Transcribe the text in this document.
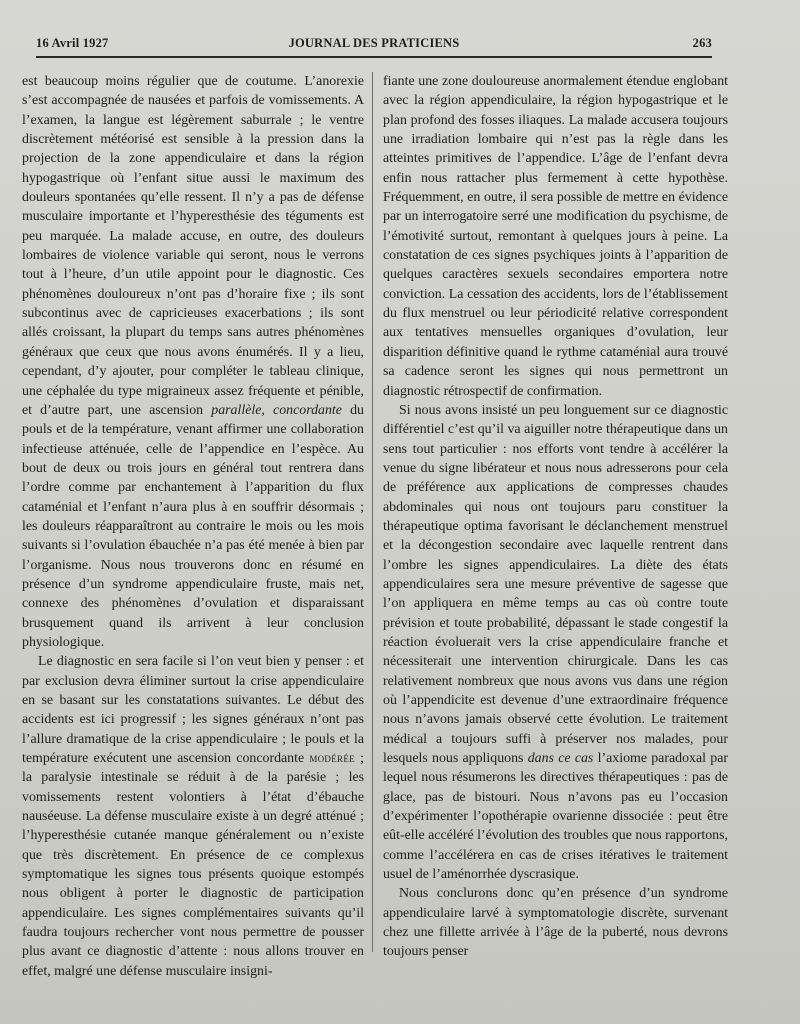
16 Avril 1927	JOURNAL DES PRATICIENS	263

est beaucoup moins régulier que de coutume. L’anorexie s’est accompagnée de nausées et parfois de vomissements. A l’examen, la langue est légèrement saburrale ; le ventre discrètement météorisé est sensible à la pression dans la projection de la zone appendiculaire et dans la région hypogastrique où l’enfant situe aussi le maximum des douleurs spontanées qu’elle ressent. Il n’y a pas de défense musculaire importante et l’hyperesthésie des téguments est peu marquée. La malade accuse, en outre, des douleurs lombaires de violence variable qui seront, nous le verrons tout à l’heure, d’un utile appoint pour le diagnostic. Ces phénomènes douloureux n’ont pas d’horaire fixe ; ils sont subcontinus avec de capricieuses exacerbations ; ils sont allés croissant, la plupart du temps sans autres phénomènes généraux que ceux que nous avons énumérés. Il y a lieu, cependant, d’y ajouter, pour compléter le tableau clinique, une céphalée du type migraineux assez fréquente et pénible, et d’autre part, une ascension parallèle, concordante du pouls et de la température, venant affirmer une collaboration infectieuse atténuée, celle de l’appendice en l’espèce. Au bout de deux ou trois jours en général tout rentrera dans l’ordre comme par enchantement à l’apparition du flux cataménial et l’enfant n’aura plus à en souffrir désormais ; les douleurs réapparaîtront au contraire le mois ou les mois suivants si l’ovulation ébauchée n’a pas été menée à bien par l’organisme. Nous nous trouverons donc en résumé en présence d’un syndrome appendiculaire fruste, mais net, connexe des phénomènes d’ovulation et disparaissant brusquement quand ils arrivent à leur conclusion physiologique.

Le diagnostic en sera facile si l’on veut bien y penser : et par exclusion devra éliminer surtout la crise appendiculaire en se basant sur les constatations suivantes. Le début des accidents est ici progressif ; les signes généraux n’ont pas l’allure dramatique de la crise appendiculaire ; le pouls et la température exécutent une ascension concordante modérée ; la paralysie intestinale se réduit à de la parésie ; les vomissements restent volontiers à l’état d’ébauche nauséeuse. La défense musculaire existe à un degré atténué ; l’hyperesthésie cutanée manque généralement ou n’existe que très discrètement. En présence de ce complexus symptomatique les signes tous présents quoique estompés nous obligent à porter le diagnostic de participation appendiculaire. Les signes complémentaires suivants qu’il faudra toujours rechercher vont nous permettre de pousser plus avant ce diagnostic d’attente : nous allons trouver en effet, malgré une défense musculaire insigni-

fiante une zone douloureuse anormalement étendue englobant avec la région appendiculaire, la région hypogastrique et le plan profond des fosses iliaques. La malade accusera toujours une irradiation lombaire qui n’est pas la règle dans les atteintes primitives de l’appendice. L’âge de l’enfant devra enfin nous rattacher plus fermement à cette hypothèse. Fréquemment, en outre, il sera possible de mettre en évidence par un interrogatoire serré une modification du psychisme, de l’émotivité surtout, remontant à quelques jours à peine. La constatation de ces signes psychiques joints à l’apparition de quelques caractères sexuels secondaires emportera notre conviction. La cessation des accidents, lors de l’établissement du flux menstruel ou leur périodicité relative correspondent aux tentatives mensuelles organiques d’ovulation, leur disparition définitive quand le rythme cataménial aura trouvé sa cadence seront les signes qui nous permettront un diagnostic rétrospectif de confirmation.

Si nous avons insisté un peu longuement sur ce diagnostic différentiel c’est qu’il va aiguiller notre thérapeutique dans un sens tout particulier : nos efforts vont tendre à accélérer la venue du signe libérateur et nous nous adresserons pour cela de préférence aux applications de compresses chaudes abdominales qui nous ont toujours paru constituer la thérapeutique optima favorisant le déclanchement menstruel et la décongestion secondaire avec laquelle rentrent dans l’ombre les signes appendiculaires. La diète des états appendiculaires sera une mesure préventive de sagesse que l’on appliquera en même temps au cas où contre toute prévision et toute probabilité, dépassant le stade congestif la réaction évoluerait vers la crise appendiculaire franche et nécessiterait une intervention chirurgicale. Dans les cas relativement nombreux que nous avons vus dans une région où l’appendicite est devenue d’une extraordinaire fréquence nous n’avons jamais observé cette évolution. Le traitement médical a toujours suffi à préserver nos malades, pour lesquels nous appliquons dans ce cas l’axiome paradoxal par lequel nous résumerons les directives thérapeutiques : pas de glace, pas de bistouri. Nous n’avons pas eu l’occasion d’expérimenter l’opothérapie ovarienne dissociée : peut être eût-elle accéléré l’évolution des troubles que nous rapportons, comme l’accélérera en cas de crises itératives le traitement usuel de l’aménorrhée dyscrasique.

Nous conclurons donc qu’en présence d’un syndrome appendiculaire larvé à symptomatologie discrète, survenant chez une fillette arrivée à l’âge de la puberté, nous devrons toujours penser
